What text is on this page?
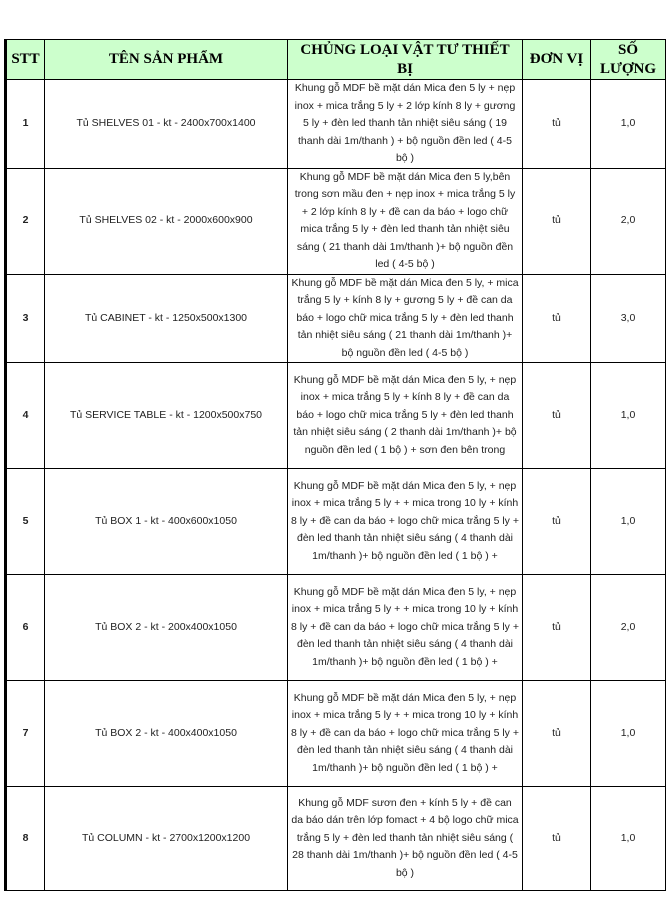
STT	TÊN SẢN PHẨM	CHỦNG LOẠI VẬT TƯ THIẾT BỊ	ĐƠN VỊ	SỐ LƯỢNG
1	Tủ SHELVES 01 - kt - 2400x700x1400	Khung gỗ MDF bề mặt dán Mica đen 5 ly + nẹp inox + mica trắng 5 ly + 2 lớp kính 8 ly + gương 5 ly + đèn led thanh tản nhiệt siêu sáng ( 19 thanh dài 1m/thanh ) + bộ nguồn đền led ( 4-5 bộ )	tủ	1,0
2	Tủ SHELVES 02 - kt - 2000x600x900	Khung gỗ MDF bề mặt dán Mica đen 5 ly,bên trong sơn mầu đen + nẹp inox + mica trắng 5 ly + 2 lớp kính 8 ly + đề can da báo + logo chữ mica trắng 5 ly + đèn led thanh tản nhiệt siêu sáng ( 21 thanh dài 1m/thanh )+ bộ nguồn đền led ( 4-5 bộ )	tủ	2,0
3	Tủ CABINET - kt - 1250x500x1300	Khung gỗ MDF bề mặt dán Mica đen 5 ly, + mica trắng 5 ly + kính 8 ly + gương 5 ly + đề can da báo + logo chữ mica trắng 5 ly + đèn led thanh tản nhiệt siêu sáng ( 21 thanh dài 1m/thanh )+ bộ nguồn đền led ( 4-5 bộ )	tủ	3,0
4	Tủ SERVICE TABLE - kt - 1200x500x750	Khung gỗ MDF bề mặt dán Mica đen 5 ly, + nẹp inox + mica trắng 5 ly + kính 8 ly + đề can da báo + logo chữ mica trắng 5 ly + đèn led thanh tản nhiệt siêu sáng ( 2 thanh dài 1m/thanh )+ bộ nguồn đền led ( 1 bộ ) + sơn đen bên trong	tủ	1,0
5	Tủ BOX 1 - kt - 400x600x1050	Khung gỗ MDF bề mặt dán Mica đen 5 ly, + nẹp inox + mica trắng 5 ly + + mica trong 10 ly + kính 8 ly + đề can da báo + logo chữ mica trắng 5 ly + đèn led thanh tản nhiệt siêu sáng ( 4 thanh dài 1m/thanh )+ bộ nguồn đền led ( 1 bộ ) +	tủ	1,0
6	Tủ BOX 2 - kt - 200x400x1050	Khung gỗ MDF bề mặt dán Mica đen 5 ly, + nẹp inox + mica trắng 5 ly + + mica trong 10 ly + kính 8 ly + đề can da báo + logo chữ mica trắng 5 ly + đèn led thanh tản nhiệt siêu sáng ( 4 thanh dài 1m/thanh )+ bộ nguồn đền led ( 1 bộ ) +	tủ	2,0
7	Tủ BOX 2 - kt - 400x400x1050	Khung gỗ MDF bề mặt dán Mica đen 5 ly, + nẹp inox + mica trắng 5 ly + + mica trong 10 ly + kính 8 ly + đề can da báo + logo chữ mica trắng 5 ly + đèn led thanh tản nhiệt siêu sáng ( 4 thanh dài 1m/thanh )+ bộ nguồn đền led ( 1 bộ ) +	tủ	1,0
8	Tủ COLUMN - kt - 2700x1200x1200	Khung gỗ MDF sươn đen + kính 5 ly + đề can da báo dán trên lớp fomact + 4 bộ logo chữ mica trắng 5 ly + đèn led thanh tản nhiệt siêu sáng ( 28 thanh dài 1m/thanh )+ bộ nguồn đền led ( 4-5 bộ )	tủ	1,0
